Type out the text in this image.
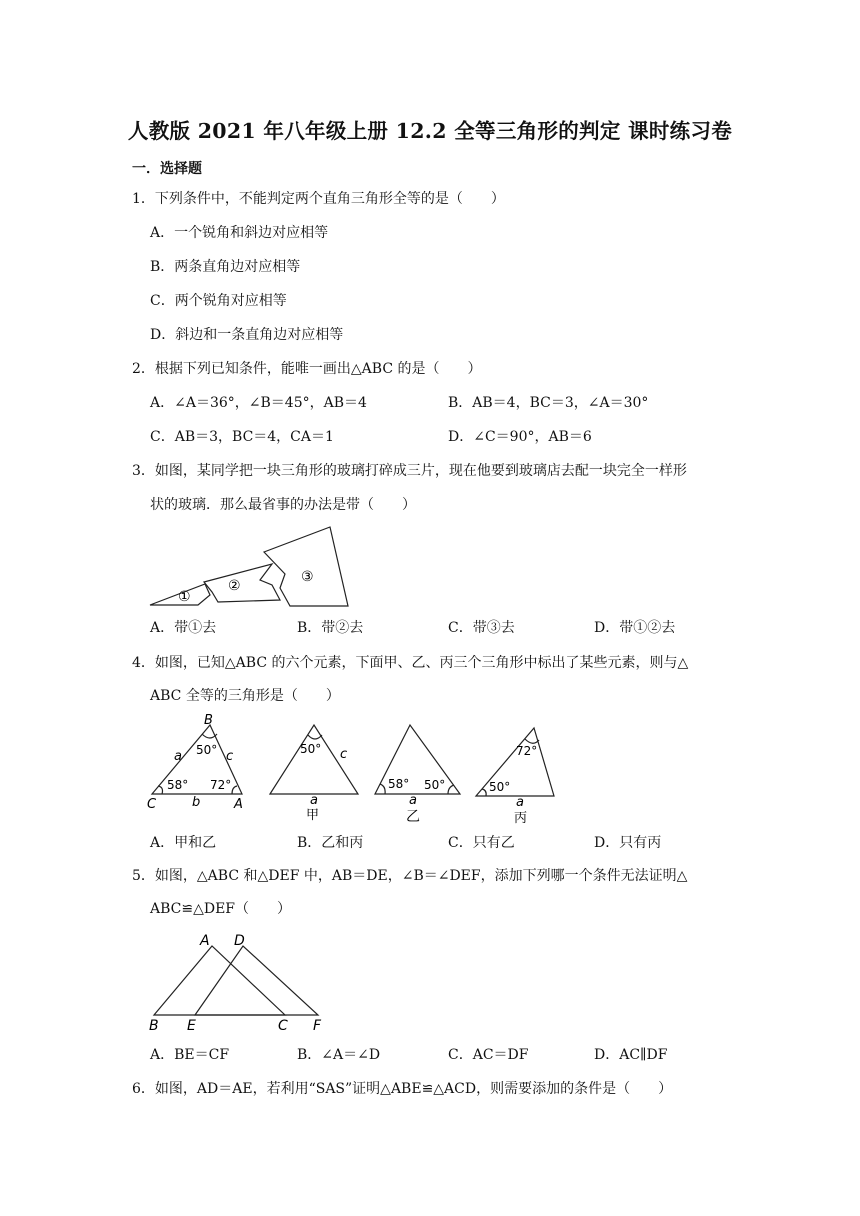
人教版 2021 年八年级上册 12.2 全等三角形的判定 课时练习卷
一．选择题
1．下列条件中，不能判定两个直角三角形全等的是（　　）
A．一个锐角和斜边对应相等
B．两条直角边对应相等
C．两个锐角对应相等
D．斜边和一条直角边对应相等
2．根据下列已知条件，能唯一画出△ABC 的是（　　）
A．∠A＝36°，∠B＝45°，AB＝4	B．AB＝4，BC＝3，∠A＝30°
C．AB＝3，BC＝4，CA＝1	D．∠C＝90°，AB＝6
3．如图，某同学把一块三角形的玻璃打碎成三片，现在他要到玻璃店去配一块完全一样形
状的玻璃．那么最省事的办法是带（　　）
①
②
③
A．带①去	B．带②去	C．带③去	D．带①②去
4．如图，已知△ABC 的六个元素，下面甲、乙、丙三个三角形中标出了某些元素，则与△
ABC 全等的三角形是（　　）
B
C	A
a
b
c
50°
58° 72°
50° c
a
甲
58° 50°
a
乙
72°
50°
a
丙
A．甲和乙	B．乙和丙	C．只有乙	D．只有丙
5．如图，△ABC 和△DEF 中，AB＝DE，∠B＝∠DEF，添加下列哪一个条件无法证明△
ABC≌△DEF（　　）
A D
B E	C F
A．BE＝CF	B．∠A＝∠D	C．AC＝DF	D．AC∥DF
6．如图，AD＝AE，若利用“SAS”证明△ABE≌△ACD，则需要添加的条件是（　　）
